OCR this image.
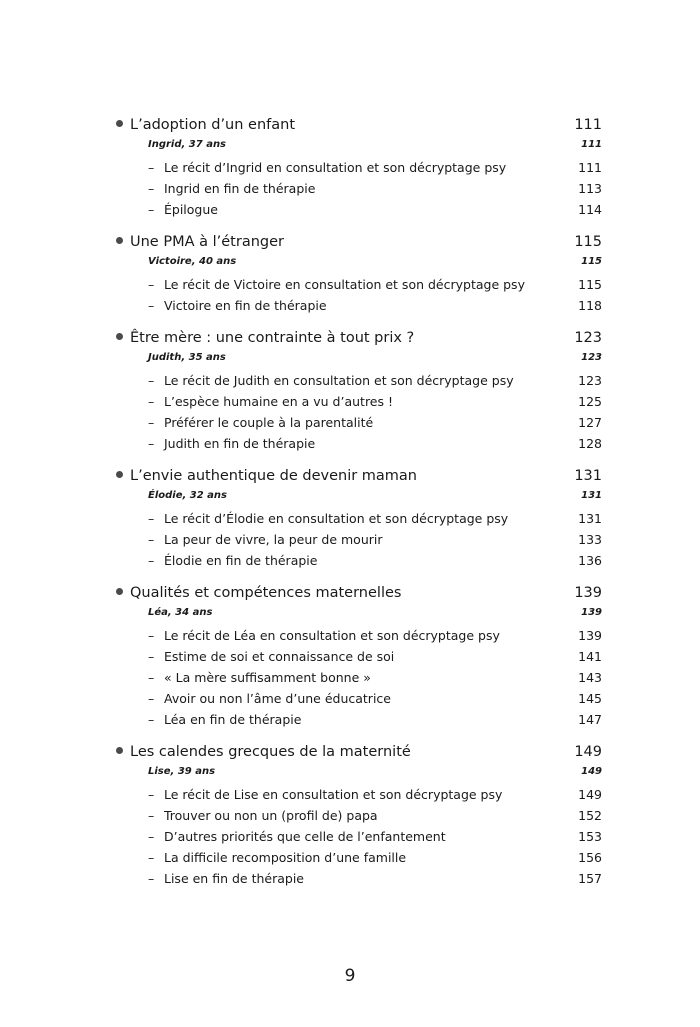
L’adoption d’un enfant	111
Ingrid, 37 ans	111
– Le récit d’Ingrid en consultation et son décryptage psy	111
– Ingrid en fin de thérapie	113
– Épilogue	114
Une PMA à l’étranger	115
Victoire, 40 ans	115
– Le récit de Victoire en consultation et son décryptage psy	115
– Victoire en fin de thérapie	118
Être mère : une contrainte à tout prix ?	123
Judith, 35 ans	123
– Le récit de Judith en consultation et son décryptage psy	123
– L’espèce humaine en a vu d’autres !	125
– Préférer le couple à la parentalité	127
– Judith en fin de thérapie	128
L’envie authentique de devenir maman	131
Élodie, 32 ans	131
– Le récit d’Élodie en consultation et son décryptage psy	131
– La peur de vivre, la peur de mourir	133
– Élodie en fin de thérapie	136
Qualités et compétences maternelles	139
Léa, 34 ans	139
– Le récit de Léa en consultation et son décryptage psy	139
– Estime de soi et connaissance de soi	141
– « La mère suffisamment bonne »	143
– Avoir ou non l’âme d’une éducatrice	145
– Léa en fin de thérapie	147
Les calendes grecques de la maternité	149
Lise, 39 ans	149
– Le récit de Lise en consultation et son décryptage psy	149
– Trouver ou non un (profil de) papa	152
– D’autres priorités que celle de l’enfantement	153
– La difficile recomposition d’une famille	156
– Lise en fin de thérapie	157
9
